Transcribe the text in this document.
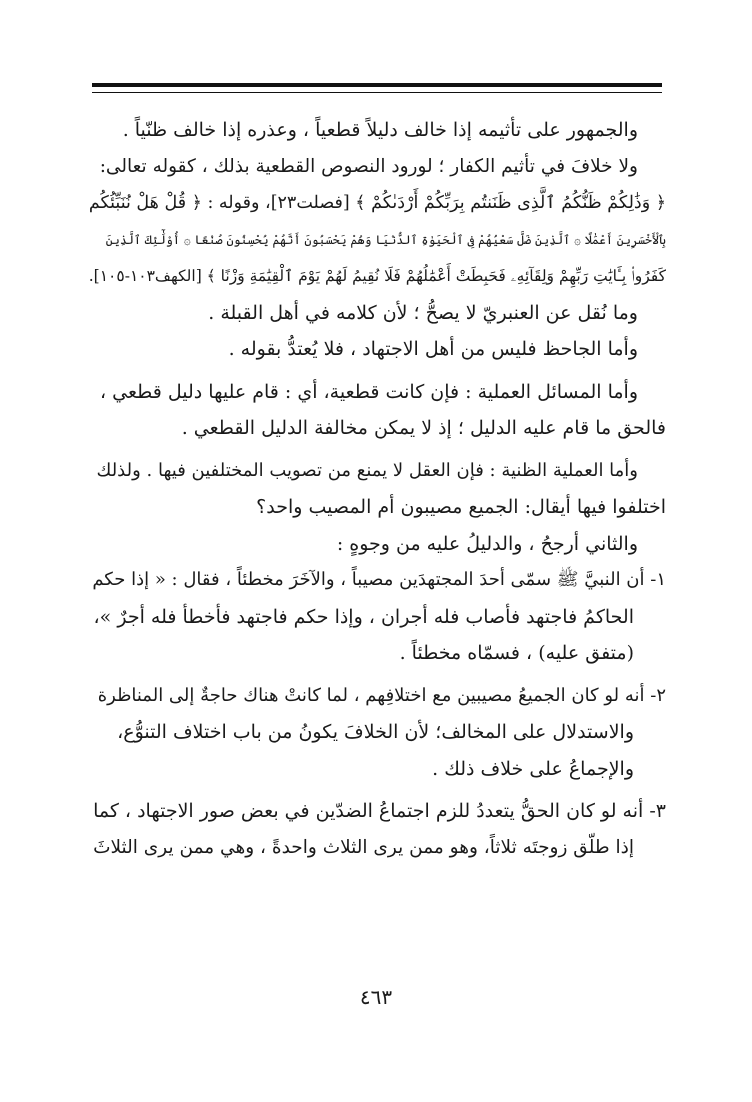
والجمهور على تأثيمه إذا خالف دليلاً قطعياً ، وعذره إذا خالف ظنّياً .
ولا خلافَ في تأثيم الكفار ؛ لورود النصوص القطعية بذلك ، كقوله تعالى:
﴿ وَذَٰلِكُمْ ظَنُّكُمُ ٱلَّذِى ظَنَنتُم بِرَبِّكُمْ أَرْدَىٰكُمْ ﴾ [فصلت٢٣]، وقوله : ﴿ قُلْ هَلْ نُنَبِّئُكُم
بِٱلْأَخْسَرِينَ أَعْمَٰلًا ۞ ٱلَّذِينَ ضَلَّ سَعْيُهُمْ فِى ٱلْحَيَوٰةِ ٱلدُّنْيَا وَهُمْ يَحْسَبُونَ أَنَّهُمْ يُحْسِنُونَ صُنْعًا ۞ أُوْلَٰٓئِكَ ٱلَّذِينَ
كَفَرُوا۟ بِـَٔايَٰتِ رَبِّهِمْ وَلِقَآئِهِۦ فَحَبِطَتْ أَعْمَٰلُهُمْ فَلَا نُقِيمُ لَهُمْ يَوْمَ ٱلْقِيَٰمَةِ وَزْنًا ﴾ [الكهف١٠٣-١٠٥].
وما نُقل عن العنبريّ لا يصحُّ ؛ لأن كلامه في أهل القبلة .
وأما الجاحظ فليس من أهل الاجتهاد ، فلا يُعتدُّ بقوله .
وأما المسائل العملية : فإن كانت قطعية، أي : قام عليها دليل قطعي ،
فالحق ما قام عليه الدليل ؛ إذ لا يمكن مخالفة الدليل القطعي .
وأما العملية الظنية : فإن العقل لا يمنع من تصويب المختلفين فيها . ولذلك
اختلفوا فيها أيقال: الجميع مصيبون أم المصيب واحد؟
والثاني أرجحُ ، والدليلُ عليه من وجوهٍ :
١- أن النبيَّ ﷺ سمّى أحدَ المجتهدَين مصيباً ، والآخَرَ مخطئاً ، فقال : « إذا حكم
الحاكمُ فاجتهد فأصاب فله أجران ، وإذا حكم فاجتهد فأخطأ فله أجرٌ »،
(متفق عليه) ، فسمّاه مخطئاً .
٢- أنه لو كان الجميعُ مصيبين مع اختلافِهم ، لما كانتْ هناك حاجةٌ إلى المناظرة
والاستدلال على المخالف؛ لأن الخلافَ يكونُ من باب اختلاف التنوُّع،
والإجماعُ على خلاف ذلك .
٣- أنه لو كان الحقُّ يتعددُ للزم اجتماعُ الضدّين في بعض صور الاجتهاد ، كما
إذا طلّق زوجتَه ثلاثاً، وهو ممن يرى الثلاث واحدةً ، وهي ممن يرى الثلاثَ
٤٦٣
